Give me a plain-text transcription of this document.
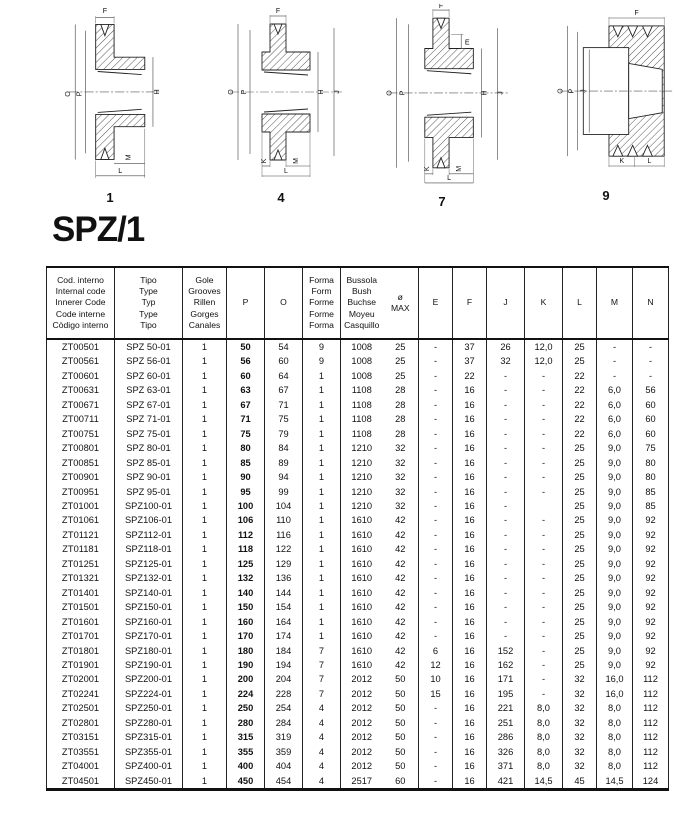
F
O P	H
M
L
1
F
O P	H J
K	M
L
4
F
E
O P	H J
K	M
L
7
F
O P J
K	L
9
SPZ/1
Cod. interno
Internal code
Innerer Code
Code interne
Còdigo interno

Tipo
Type
Typ
Type
Tipo

Gole
Grooves
Rillen
Gorges
Canales
	P	O	
Forma
Form
Forme
Forme
Forma

Bussola
Bush
Buchse
Moyeu
Casquillo

ø
MAX
	E	F	J	K	L	M	N
ZT00501	SPZ 50-01	1	50	54	9	1008	25	-	37	26	12,0	25	-	-
ZT00561	SPZ 56-01	1	56	60	9	1008	25	-	37	32	12,0	25	-	-
ZT00601	SPZ 60-01	1	60	64	1	1008	25	-	22	-	-	22	-	-
ZT00631	SPZ 63-01	1	63	67	1	1108	28	-	16	-	-	22	6,0	56
ZT00671	SPZ 67-01	1	67	71	1	1108	28	-	16	-	-	22	6,0	60
ZT00711	SPZ 71-01	1	71	75	1	1108	28	-	16	-	-	22	6,0	60
ZT00751	SPZ 75-01	1	75	79	1	1108	28	-	16	-	-	22	6,0	60
ZT00801	SPZ 80-01	1	80	84	1	1210	32	-	16	-	-	25	9,0	75
ZT00851	SPZ 85-01	1	85	89	1	1210	32	-	16	-	-	25	9,0	80
ZT00901	SPZ 90-01	1	90	94	1	1210	32	-	16	-	-	25	9,0	80
ZT00951	SPZ 95-01	1	95	99	1	1210	32	-	16	-	-	25	9,0	85
ZT01001	SPZ100-01	1	100	104	1	1210	32	-	16	-		25	9,0	85
ZT01061	SPZ106-01	1	106	110	1	1610	42	-	16	-	-	25	9,0	92
ZT01121	SPZ112-01	1	112	116	1	1610	42	-	16	-	-	25	9,0	92
ZT01181	SPZ118-01	1	118	122	1	1610	42	-	16	-	-	25	9,0	92
ZT01251	SPZ125-01	1	125	129	1	1610	42	-	16	-	-	25	9,0	92
ZT01321	SPZ132-01	1	132	136	1	1610	42	-	16	-	-	25	9,0	92
ZT01401	SPZ140-01	1	140	144	1	1610	42	-	16	-	-	25	9,0	92
ZT01501	SPZ150-01	1	150	154	1	1610	42	-	16	-	-	25	9,0	92
ZT01601	SPZ160-01	1	160	164	1	1610	42	-	16	-	-	25	9,0	92
ZT01701	SPZ170-01	1	170	174	1	1610	42	-	16	-	-	25	9,0	92
ZT01801	SPZ180-01	1	180	184	7	1610	42	6	16	152	-	25	9,0	92
ZT01901	SPZ190-01	1	190	194	7	1610	42	12	16	162	-	25	9,0	92
ZT02001	SPZ200-01	1	200	204	7	2012	50	10	16	171	-	32	16,0	112
ZT02241	SPZ224-01	1	224	228	7	2012	50	15	16	195	-	32	16,0	112
ZT02501	SPZ250-01	1	250	254	4	2012	50	-	16	221	8,0	32	8,0	112
ZT02801	SPZ280-01	1	280	284	4	2012	50	-	16	251	8,0	32	8,0	112
ZT03151	SPZ315-01	1	315	319	4	2012	50	-	16	286	8,0	32	8,0	112
ZT03551	SPZ355-01	1	355	359	4	2012	50	-	16	326	8,0	32	8,0	112
ZT04001	SPZ400-01	1	400	404	4	2012	50	-	16	371	8,0	32	8,0	112
ZT04501	SPZ450-01	1	450	454	4	2517	60	-	16	421	14,5	45	14,5	124
